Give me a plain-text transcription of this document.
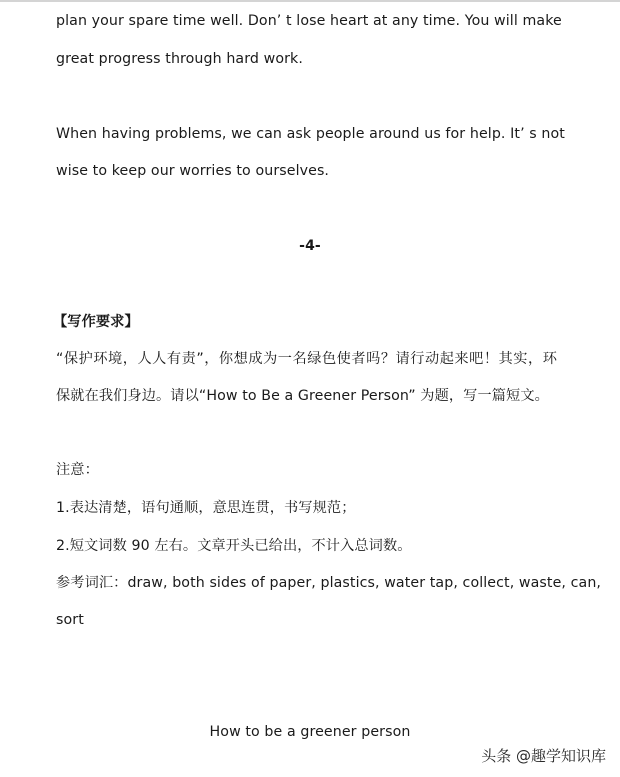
plan your spare time well. Don’ t lose heart at any time. You will make
great progress through hard work.
When having problems, we can ask people around us for help. It’ s not
wise to keep our worries to ourselves.
-4-
【写作要求】
“保护环境，人人有责”，你想成为一名绿色使者吗？请行动起来吧！其实，环
保就在我们身边。请以“How to Be a Greener Person” 为题，写一篇短文。
注意：
1.表达清楚，语句通顺，意思连贯，书写规范；
2.短文词数 90 左右。文章开头已给出，不计入总词数。
参考词汇：draw, both sides of paper, plastics, water tap, collect, waste, can,
sort
How to be a greener person
头条 @趣学知识库
